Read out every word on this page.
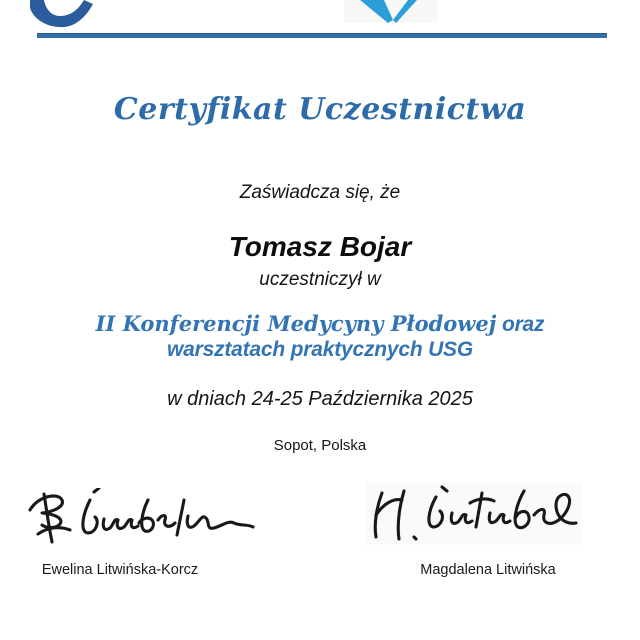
Certyfikat Uczestnictwa
Zaświadcza się, że
Tomasz Bojar
uczestniczył w
II Konferencji Medycyny Płodowej oraz
warsztatach praktycznych USG
w dniach 24-25 Października 2025
Sopot, Polska
Ewelina Litwińska-Korcz	Magdalena Litwińska
